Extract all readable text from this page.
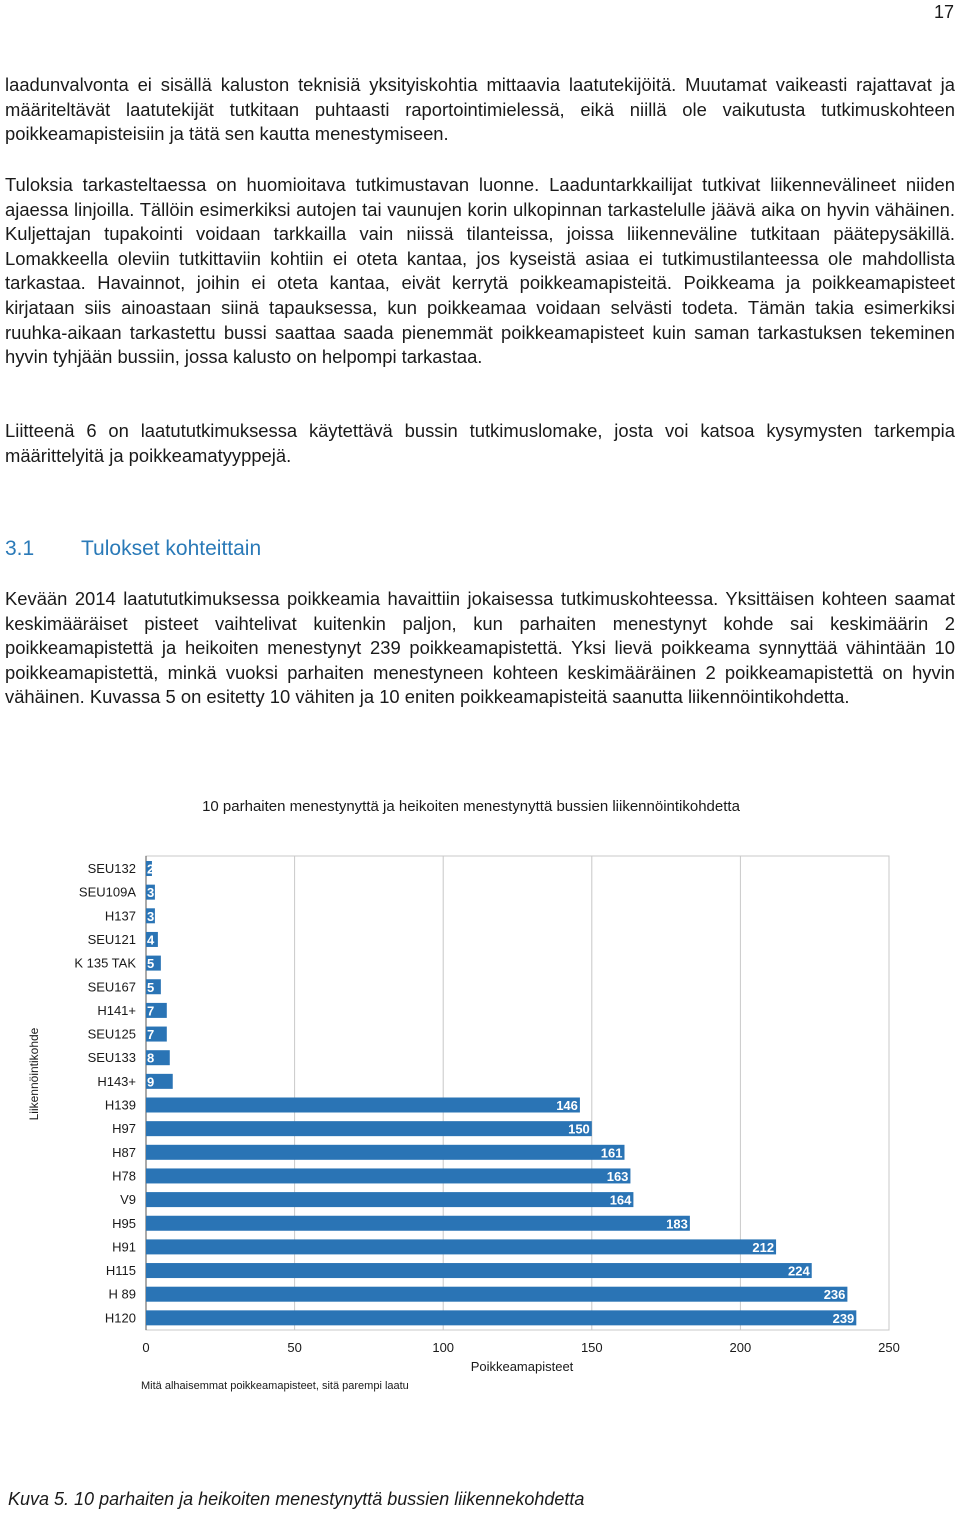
17

laadunvalvonta ei sisällä kaluston teknisiä yksityiskohtia mittaavia laatutekijöitä. Muutamat vaikeasti rajattavat ja määriteltävät laatutekijät tutkitaan puhtaasti raportointimielessä, eikä niillä ole vaikutusta tutkimuskohteen poikkeamapisteisiin ja tätä sen kautta menestymiseen.

Tuloksia tarkasteltaessa on huomioitava tutkimustavan luonne. Laaduntarkkailijat tutkivat liikennevälineet niiden ajaessa linjoilla. Tällöin esimerkiksi autojen tai vaunujen korin ulkopinnan tarkastelulle jäävä aika on hyvin vähäinen. Kuljettajan tupakointi voidaan tarkkailla vain niissä tilanteissa, joissa liikenneväline tutkitaan päätepysäkillä. Lomakkeella oleviin tutkittaviin kohtiin ei oteta kantaa, jos kyseistä asiaa ei tutkimustilanteessa ole mahdollista tarkastaa. Havainnot, joihin ei oteta kantaa, eivät kerrytä poikkeamapisteitä. Poikkeama ja poikkeamapisteet kirjataan siis ainoastaan siinä tapauksessa, kun poikkeamaa voidaan selvästi todeta. Tämän takia esimerkiksi ruuhka-aikaan tarkastettu bussi saattaa saada pienemmät poikkeamapisteet kuin saman tarkastuksen tekeminen hyvin tyhjään bussiin, jossa kalusto on helpompi tarkastaa.

Liitteenä 6 on laatututkimuksessa käytettävä bussin tutkimuslomake, josta voi katsoa kysymysten tarkempia määrittelyitä ja poikkeamatyyppejä.

3.1 Tulokset kohteittain

Kevään 2014 laatututkimuksessa poikkeamia havaittiin jokaisessa tutkimuskohteessa. Yksittäisen kohteen saamat keskimääräiset pisteet vaihtelivat kuitenkin paljon, kun parhaiten menestynyt kohde sai keskimäärin 2 poikkeamapistettä ja heikoiten menestynyt 239 poikkeamapistettä. Yksi lievä poikkeama synnyttää vähintään 10 poikkeamapistettä, minkä vuoksi parhaiten menestyneen kohteen keskimääräinen 2 poikkeamapistettä on hyvin vähäinen. Kuvassa 5 on esitetty 10 vähiten ja 10 eniten poikkeamapisteitä saanutta liikennöintikohdetta.

10 parhaiten menestynyttä ja heikoiten menestynyttä bussien liikennöintikohdetta
0	50	100	150	200	250
SEU132 2
SEU109A 3
H137 3
SEU121 4
K 135 TAK 5
SEU167 5
H141+ 7
SEU125 7
SEU133 8
H143+ 9
H139	146
H97	150
H87	161
H78	163
V9	164
H95	183
H91	212
H115	224
H 89	236
H120	239
Poikkeamapisteet
Mitä alhaisemmat poikkeamapisteet, sitä parempi laatu
Liikennöintikohde

Kuva 5. 10 parhaiten ja heikoiten menestynyttä bussien liikennekohdetta
